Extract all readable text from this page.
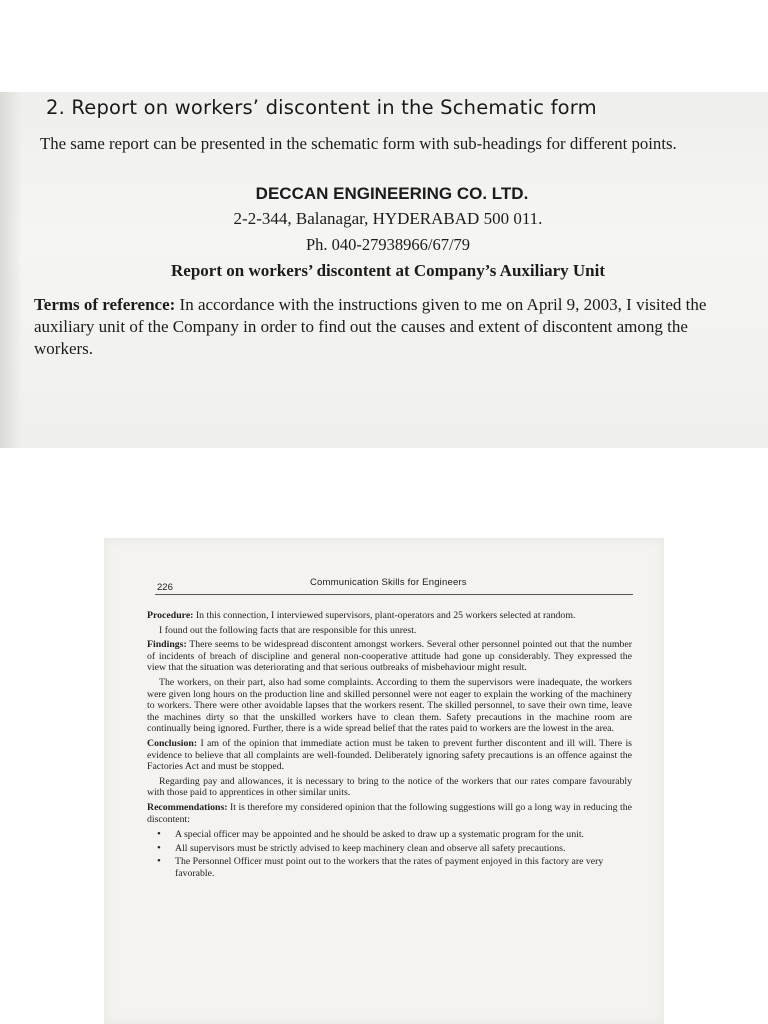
2. Report on workers’ discontent in the Schematic form

The same report can be presented in the schematic form with sub-headings for different points.

DECCAN ENGINEERING CO. LTD.

2-2-344, Balanagar, HYDERABAD 500 011.

Ph. 040-27938966/67/79

Report on workers’ discontent at Company’s Auxiliary Unit

Terms of reference: In accordance with the instructions given to me on April 9, 2003, I visited the auxiliary unit of the Company in order to find out the causes and extent of discontent among the workers.

226	Communication Skills for Engineers

Procedure: In this connection, I interviewed supervisors, plant-operators and 25 workers selected at random.

I found out the following facts that are responsible for this unrest.

Findings: There seems to be widespread discontent amongst workers. Several other personnel pointed out that the number of incidents of breach of discipline and general non-cooperative attitude had gone up considerably. They expressed the view that the situation was deteriorating and that serious outbreaks of misbehaviour might result.

The workers, on their part, also had some complaints. According to them the supervisors were inadequate, the workers were given long hours on the production line and skilled personnel were not eager to explain the working of the machinery to workers. There were other avoidable lapses that the workers resent. The skilled personnel, to save their own time, leave the machines dirty so that the unskilled workers have to clean them. Safety precautions in the machine room are continually being ignored. Further, there is a wide spread belief that the rates paid to workers are the lowest in the area.

Conclusion: I am of the opinion that immediate action must be taken to prevent further discontent and ill will. There is evidence to believe that all complaints are well-founded. Deliberately ignoring safety precautions is an offence against the Factories Act and must be stopped.

Regarding pay and allowances, it is necessary to bring to the notice of the workers that our rates compare favourably with those paid to apprentices in other similar units.

Recommendations: It is therefore my considered opinion that the following suggestions will go a long way in reducing the discontent:

• A special officer may be appointed and he should be asked to draw up a systematic program for the unit.
• All supervisors must be strictly advised to keep machinery clean and observe all safety precautions.
• The Personnel Officer must point out to the workers that the rates of payment enjoyed in this factory are very favorable.
